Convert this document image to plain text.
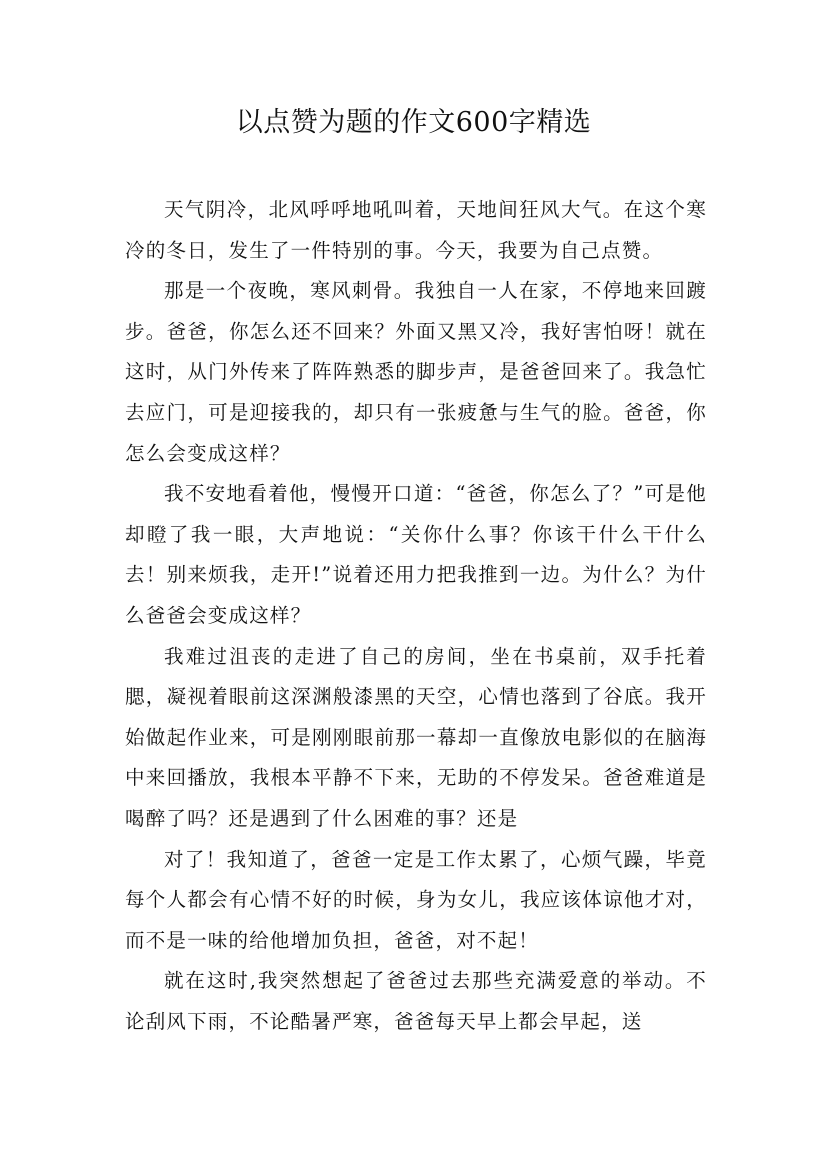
以点赞为题的作文600字精选

天气阴冷，北风呼呼地吼叫着，天地间狂风大气。在这个寒冷的冬日，发生了一件特别的事。今天，我要为自己点赞。

那是一个夜晚，寒风刺骨。我独自一人在家，不停地来回踱步。爸爸，你怎么还不回来？外面又黑又冷，我好害怕呀！就在这时，从门外传来了阵阵熟悉的脚步声，是爸爸回来了。我急忙去应门，可是迎接我的，却只有一张疲惫与生气的脸。爸爸，你怎么会变成这样？

我不安地看着他，慢慢开口道：“爸爸，你怎么了？”可是他却瞪了我一眼，大声地说：“关你什么事？你该干什么干什么去！别来烦我，走开!”说着还用力把我推到一边。为什么？为什么爸爸会变成这样？

我难过沮丧的走进了自己的房间，坐在书桌前，双手托着腮，凝视着眼前这深渊般漆黑的天空，心情也落到了谷底。我开始做起作业来，可是刚刚眼前那一幕却一直像放电影似的在脑海中来回播放，我根本平静不下来，无助的不停发呆。爸爸难道是喝醉了吗？还是遇到了什么困难的事？还是

对了！我知道了，爸爸一定是工作太累了，心烦气躁，毕竟每个人都会有心情不好的时候，身为女儿，我应该体谅他才对，而不是一味的给他增加负担，爸爸，对不起！

就在这时,我突然想起了爸爸过去那些充满爱意的举动。不论刮风下雨，不论酷暑严寒，爸爸每天早上都会早起，送
